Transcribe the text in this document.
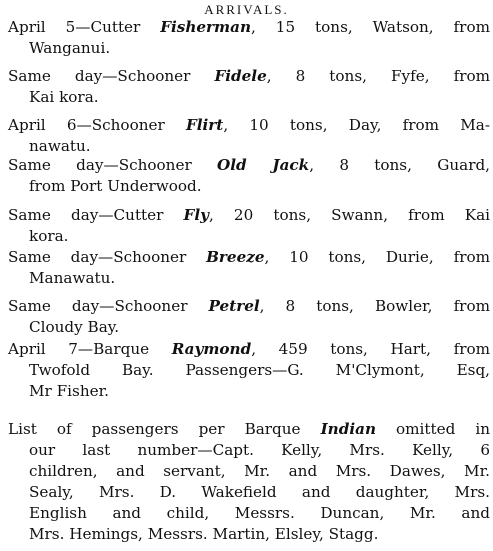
ARRIVALS.
April 5—Cutter Fisherman, 15 tons, Watson, from
Wanganui.
Same day—Schooner Fidele, 8 tons, Fyfe, from
Kai kora.
April 6—Schooner Flirt, 10 tons, Day, from Ma-
nawatu.
Same day—Schooner Old Jack, 8 tons, Guard,
from Port Underwood.
Same day—Cutter Fly, 20 tons, Swann, from Kai
kora.
Same day—Schooner Breeze, 10 tons, Durie, from
Manawatu.
Same day—Schooner Petrel, 8 tons, Bowler, from
Cloudy Bay.
April 7—Barque Raymond, 459 tons, Hart, from
Twofold Bay. Passengers—G. M'Clymont, Esq,
Mr Fisher.
List of passengers per Barque Indian omitted in
our last number—Capt. Kelly, Mrs. Kelly, 6
children, and servant, Mr. and Mrs. Dawes, Mr.
Sealy, Mrs. D. Wakefield and daughter, Mrs.
English and child, Messrs. Duncan, Mr. and
Mrs. Hemings, Messrs. Martin, Elsley, Stagg.
